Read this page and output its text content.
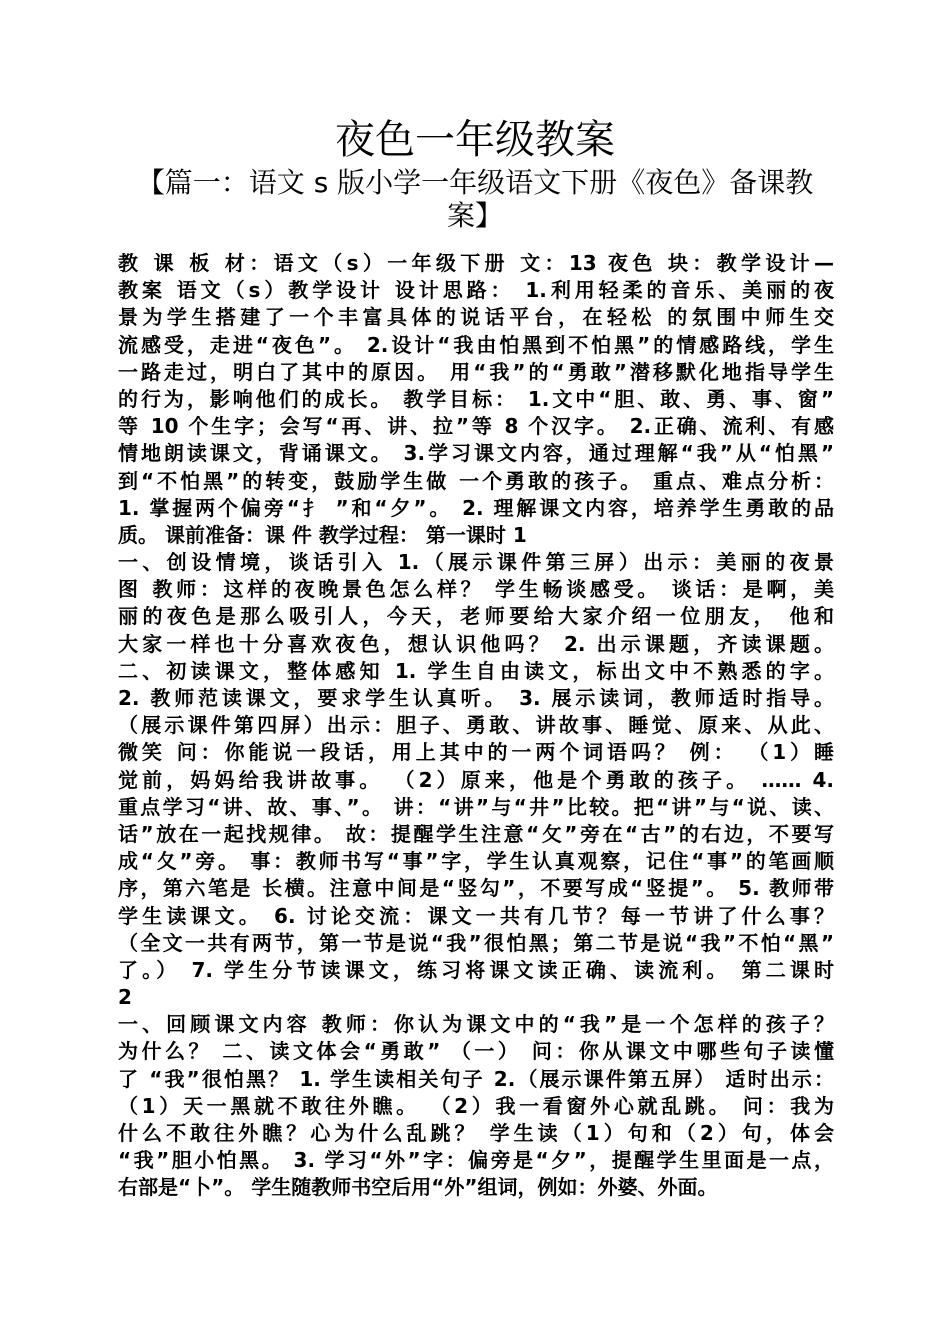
夜色一年级教案
【篇一：语文 s 版小学一年级语文下册《夜色》备课教
案】
教 课 板 材：语文（s）一年级下册 文：13 夜色 块：教学设计—
教案 语文（s）教学设计 设计思路： 1.利用轻柔的音乐、美丽的夜
景为学生搭建了一个丰富具体的说话平台，在轻松 的氛围中师生交
流感受，走进“夜色”。 2.设计“我由怕黑到不怕黑”的情感路线，学生
一路走过，明白了其中的原因。 用“我”的“勇敢”潜移默化地指导学生
的行为，影响他们的成长。 教学目标： 1.文中“胆、敢、勇、事、窗”
等 10 个生字；会写“再、讲、拉”等 8 个汉字。 2.正确、流利、有感
情地朗读课文，背诵课文。 3.学习课文内容，通过理解“我”从“怕黑”
到“不怕黑”的转变，鼓励学生做 一个勇敢的孩子。 重点、难点分析：
1. 掌握两个偏旁“扌 ”和“夕”。 2. 理解课文内容，培养学生勇敢的品
质。 课前准备：课 件 教学过程： 第一课时 1
一、创设情境，谈话引入 1.（展示课件第三屏）出示：美丽的夜景
图 教师：这样的夜晚景色怎么样？ 学生畅谈感受。 谈话：是啊，美
丽的夜色是那么吸引人，今天，老师要给大家介绍一位朋友， 他和
大家一样也十分喜欢夜色，想认识他吗？ 2. 出示课题，齐读课题。
二、初读课文，整体感知 1. 学生自由读文，标出文中不熟悉的字。
2. 教师范读课文，要求学生认真听。 3. 展示读词，教师适时指导。
（展示课件第四屏）出示：胆子、勇敢、讲故事、睡觉、原来、从此、
微笑 问：你能说一段话，用上其中的一两个词语吗？ 例： （1）睡
觉前，妈妈给我讲故事。 （2）原来，他是个勇敢的孩子。 …… 4.
重点学习“讲、故、事、”。 讲：“讲”与“井”比较。把“讲”与“说、读、
话”放在一起找规律。 故：提醒学生注意“攵”旁在“古”的右边，不要写
成“夂”旁。 事：教师书写“事”字，学生认真观察，记住“事”的笔画顺
序，第六笔是 长横。注意中间是“竖勾”，不要写成“竖提”。 5. 教师带
学生读课文。 6. 讨论交流：课文一共有几节？每一节讲了什么事？
（全文一共有两节，第一节是说“我”很怕黑；第二节是说“我”不怕“黑”
了。） 7. 学生分节读课文，练习将课文读正确、读流利。 第二课时
2
一、回顾课文内容 教师：你认为课文中的“我”是一个怎样的孩子？
为什么？ 二、读文体会“勇敢” （一） 问：你从课文中哪些句子读懂
了 “我”很怕黑？ 1. 学生读相关句子 2.（展示课件第五屏） 适时出示：
（1）天一黑就不敢往外瞧。 （2）我一看窗外心就乱跳。 问：我为
什么不敢往外瞧？心为什么乱跳？ 学生读（1）句和（2）句，体会
“我”胆小怕黑。 3. 学习“外”字：偏旁是“夕”，提醒学生里面是一点，
右部是“卜”。 学生随教师书空后用“外”组词，例如：外婆、外面。
